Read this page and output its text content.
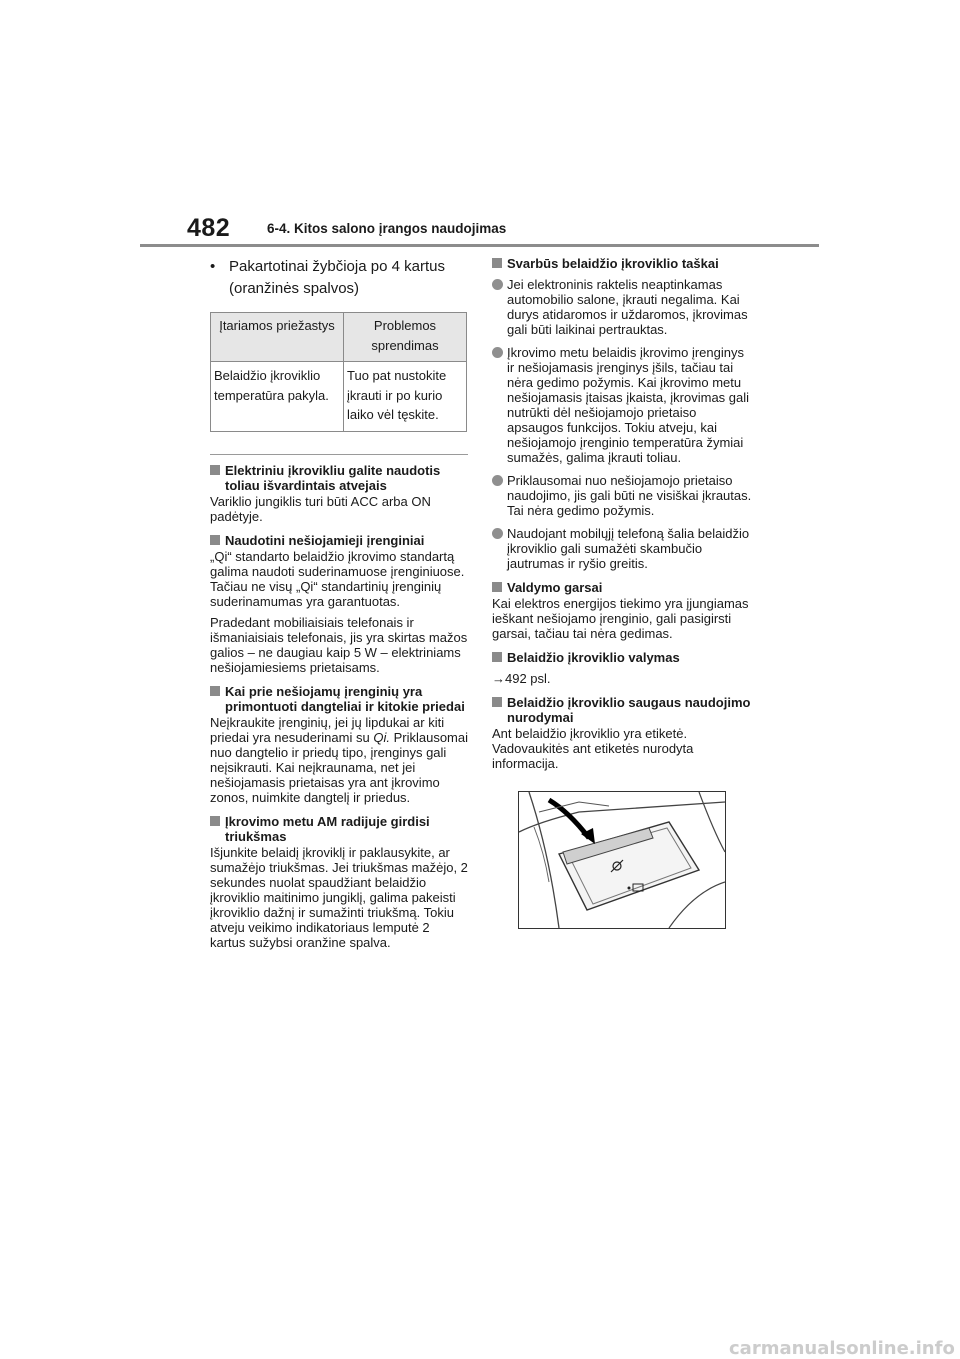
482	6-4. Kitos salono įrangos naudojimas
• Pakartotinai žybčioja po 4 kartus (oranžinės spalvos)
Įtariamos priežastys	Problemos sprendimas
Belaidžio įkroviklio temperatūra pakyla.	Tuo pat nustokite įkrauti ir po kurio laiko vėl tęskite.
Elektriniu įkrovikliu galite naudotis toliau išvardintais atvejais
Variklio jungiklis turi būti ACC arba ON padėtyje.
Naudotini nešiojamieji įrenginiai
„Qi“ standarto belaidžio įkrovimo standartą galima naudoti suderinamuose įrenginiuose.
Tačiau ne visų „Qi“ standartinių įrenginių suderinamumas yra garantuotas.
Pradedant mobiliaisiais telefonais ir išmaniaisiais telefonais, jis yra skirtas mažos galios – ne daugiau kaip 5 W – elektriniams nešiojamiesiems prietaisams.
Kai prie nešiojamų įrenginių yra primontuoti dangteliai ir kitokie priedai
Neįkraukite įrenginių, jei jų lipdukai ar kiti priedai yra nesuderinami su Qi. Priklausomai nuo dangtelio ir priedų tipo, įrenginys gali neįsikrauti. Kai neįkraunama, net jei nešiojamasis prietaisas yra ant įkrovimo zonos, nuimkite dangtelį ir priedus.
Įkrovimo metu AM radijuje girdisi triukšmas
Išjunkite belaidį įkroviklį ir paklausykite, ar sumažėjo triukšmas. Jei triukšmas mažėjo, 2 sekundes nuolat spaudžiant belaidžio įkroviklio maitinimo jungiklį, galima pakeisti įkroviklio dažnį ir sumažinti triukšmą. Tokiu atveju veikimo indikatoriaus lemputė 2 kartus sužybsi oranžine spalva.
Svarbūs belaidžio įkroviklio taškai
Jei elektroninis raktelis neaptinkamas automobilio salone, įkrauti negalima. Kai durys atidaromos ir uždaromos, įkrovimas gali būti laikinai pertrauktas.
Įkrovimo metu belaidis įkrovimo įrenginys ir nešiojamasis įrenginys įšils, tačiau tai nėra gedimo požymis. Kai įkrovimo metu nešiojamasis įtaisas įkaista, įkrovimas gali nutrūkti dėl nešiojamojo prietaiso apsaugos funkcijos. Tokiu atveju, kai nešiojamojo įrenginio temperatūra žymiai sumažės, galima įkrauti toliau.
Priklausomai nuo nešiojamojo prietaiso naudojimo, jis gali būti ne visiškai įkrautas. Tai nėra gedimo požymis.
Naudojant mobilųjį telefoną šalia belaidžio įkroviklio gali sumažėti skambučio jautrumas ir ryšio greitis.
Valdymo garsai
Kai elektros energijos tiekimo yra įjungiamas ieškant nešiojamo įrenginio, gali pasigirsti garsai, tačiau tai nėra gedimas.
Belaidžio įkroviklio valymas
→492 psl.
Belaidžio įkroviklio saugaus naudojimo nurodymai
Ant belaidžio įkroviklio yra etiketė. Vadovaukitės ant etiketės nurodyta informacija.
carmanualsonline.info
